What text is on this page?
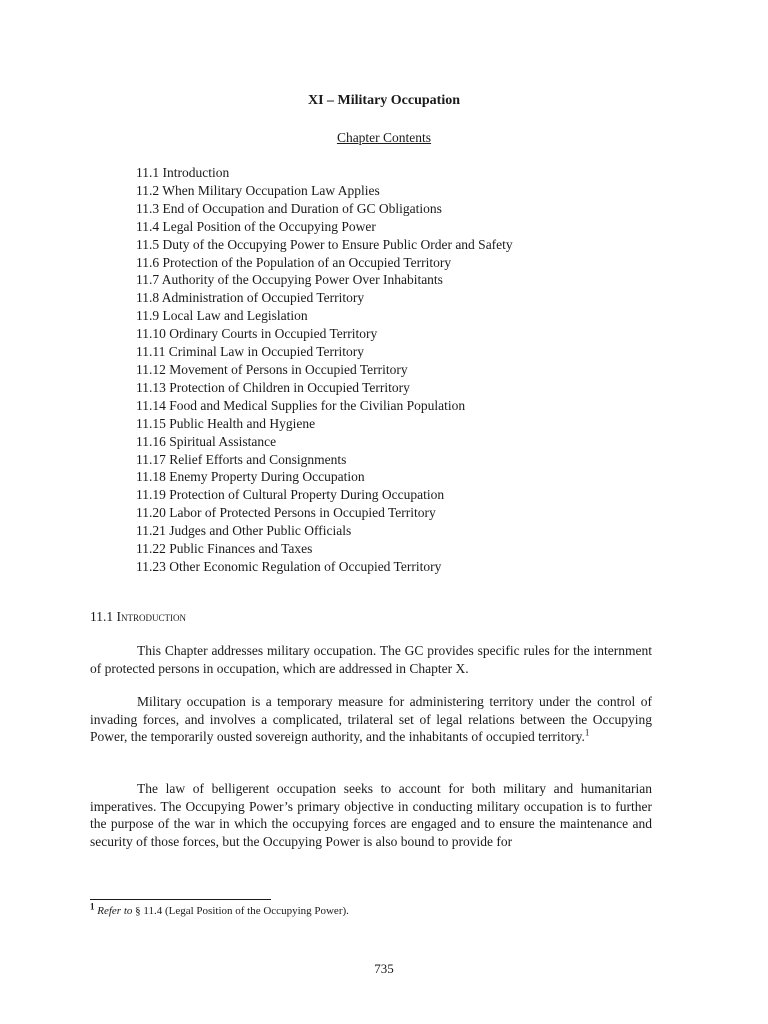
XI – Military Occupation
Chapter Contents
11.1 Introduction
11.2 When Military Occupation Law Applies
11.3 End of Occupation and Duration of GC Obligations
11.4 Legal Position of the Occupying Power
11.5 Duty of the Occupying Power to Ensure Public Order and Safety
11.6 Protection of the Population of an Occupied Territory
11.7 Authority of the Occupying Power Over Inhabitants
11.8 Administration of Occupied Territory
11.9 Local Law and Legislation
11.10 Ordinary Courts in Occupied Territory
11.11 Criminal Law in Occupied Territory
11.12 Movement of Persons in Occupied Territory
11.13 Protection of Children in Occupied Territory
11.14 Food and Medical Supplies for the Civilian Population
11.15 Public Health and Hygiene
11.16 Spiritual Assistance
11.17 Relief Efforts and Consignments
11.18 Enemy Property During Occupation
11.19 Protection of Cultural Property During Occupation
11.20 Labor of Protected Persons in Occupied Territory
11.21 Judges and Other Public Officials
11.22 Public Finances and Taxes
11.23 Other Economic Regulation of Occupied Territory
11.1 Introduction

This Chapter addresses military occupation. The GC provides specific rules for the internment of protected persons in occupation, which are addressed in Chapter X.

Military occupation is a temporary measure for administering territory under the control of invading forces, and involves a complicated, trilateral set of legal relations between the Occupying Power, the temporarily ousted sovereign authority, and the inhabitants of occupied territory.$^1$

The law of belligerent occupation seeks to account for both military and humanitarian imperatives. The Occupying Power’s primary objective in conducting military occupation is to further the purpose of the war in which the occupying forces are engaged and to ensure the maintenance and security of those forces, but the Occupying Power is also bound to provide for

$^1$ Refer to § 11.4 (Legal Position of the Occupying Power).
735
